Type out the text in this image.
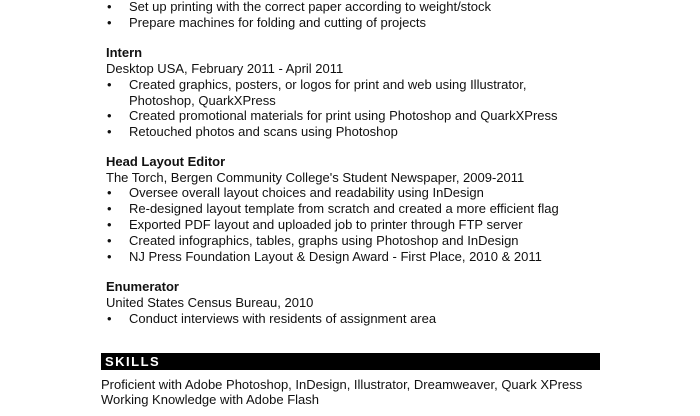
• Set up printing with the correct paper according to weight/stock
• Prepare machines for folding and cutting of projects
Intern
Desktop USA, February 2011 - April 2011
• Created graphics, posters, or logos for print and web using Illustrator,
Photoshop, QuarkXPress
• Created promotional materials for print using Photoshop and QuarkXPress
• Retouched photos and scans using Photoshop
Head Layout Editor
The Torch, Bergen Community College's Student Newspaper, 2009-2011
• Oversee overall layout choices and readability using InDesign
• Re-designed layout template from scratch and created a more efficient flag
• Exported PDF layout and uploaded job to printer through FTP server
• Created infographics, tables, graphs using Photoshop and InDesign
• NJ Press Foundation Layout & Design Award - First Place, 2010 & 2011
Enumerator
United States Census Bureau, 2010
• Conduct interviews with residents of assignment area
SKILLS
Proficient with Adobe Photoshop, InDesign, Illustrator, Dreamweaver, Quark XPress
Working Knowledge with Adobe Flash
